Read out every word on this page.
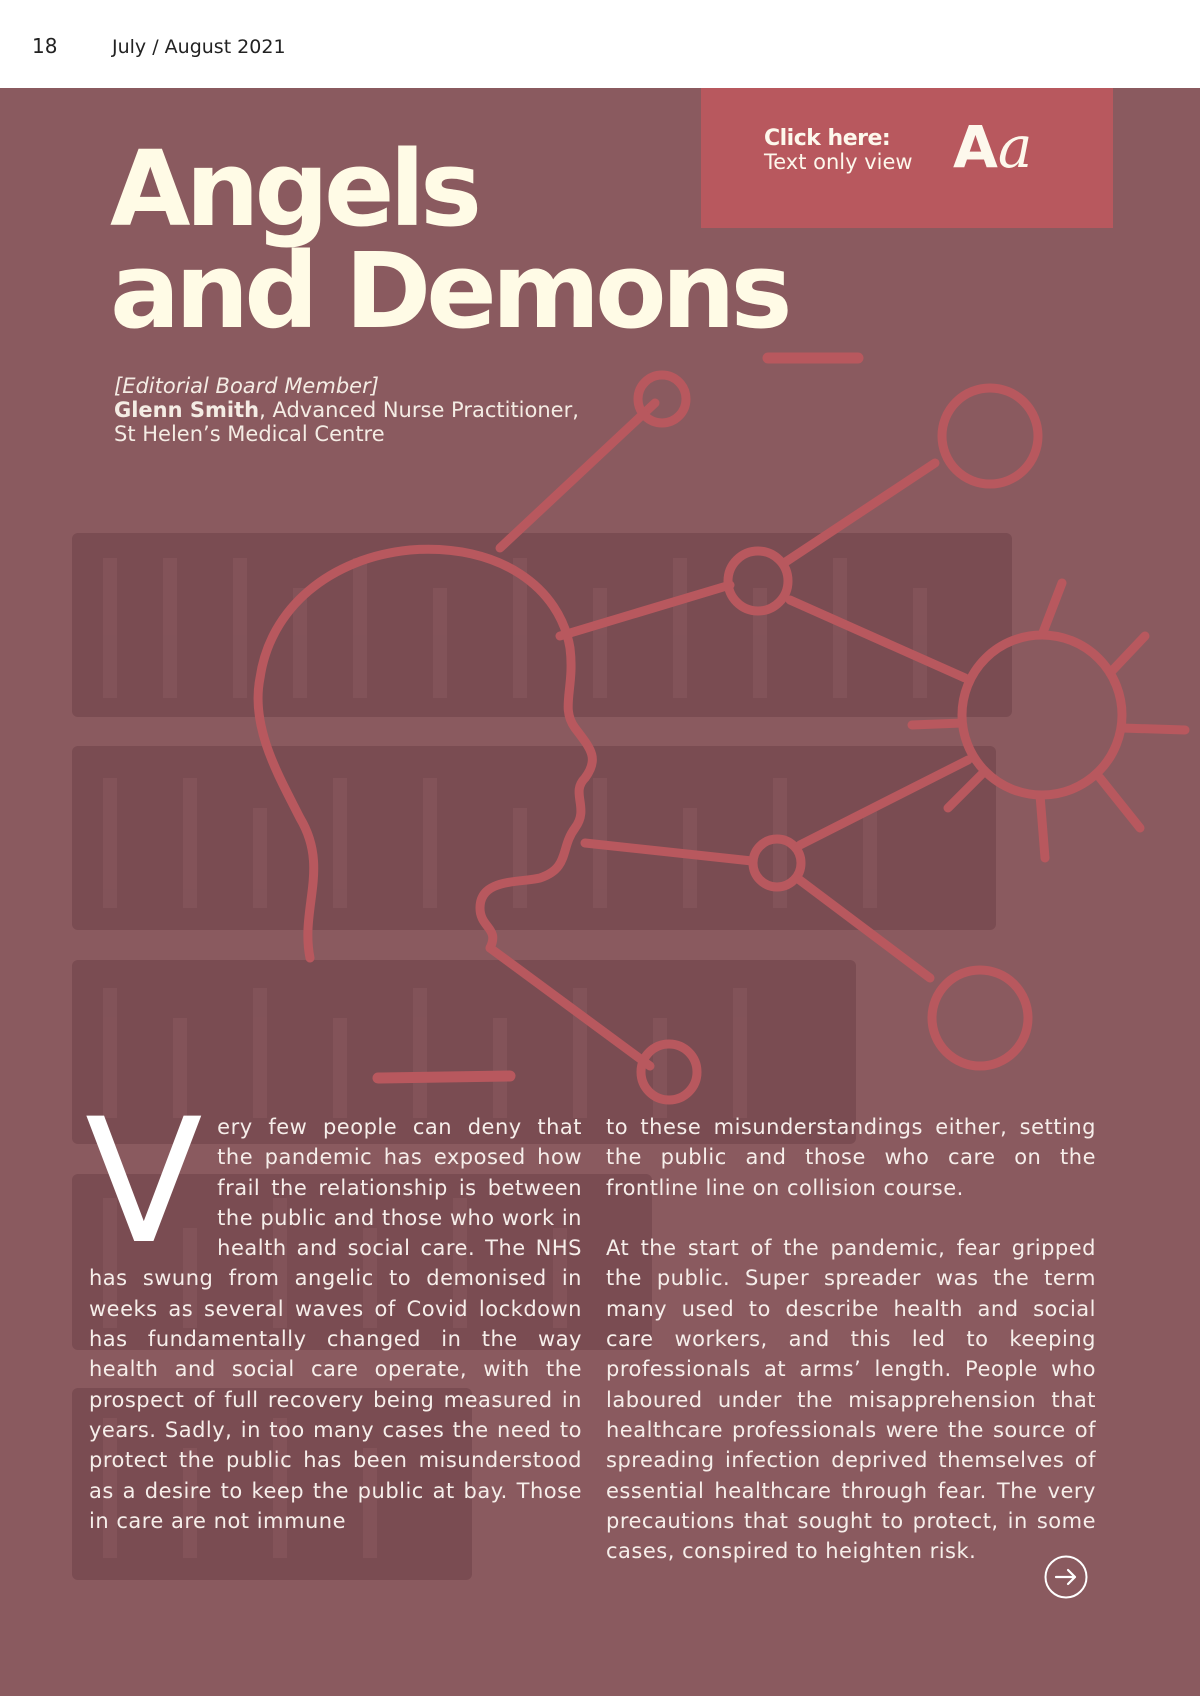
18	July / August 2021
Click here:
Text only view Aa
Angels
and Demons
[Editorial Board Member]
Glenn Smith, Advanced Nurse Practitioner,
St Helen’s Medical Centre

Very few people can deny that the pandemic has exposed how frail the relationship is between the public and those who work in health and social care. The NHS has swung from angelic to demonised in weeks as several waves of Covid lockdown has fundamentally changed in the way health and social care operate, with the prospect of full recovery being measured in years. Sadly, in too many cases the need to protect the public has been misunderstood as a desire to keep the public at bay. Those in care are not immune

to these misunderstandings either, setting the public and those who care on the frontline line on collision course.

At the start of the pandemic, fear gripped the public. Super spreader was the term many used to describe health and social care workers, and this led to keeping professionals at arms’ length. People who laboured under the misapprehension that healthcare professionals were the source of spreading infection deprived themselves of essential healthcare through fear. The very precautions that sought to protect, in some cases, conspired to heighten risk.
